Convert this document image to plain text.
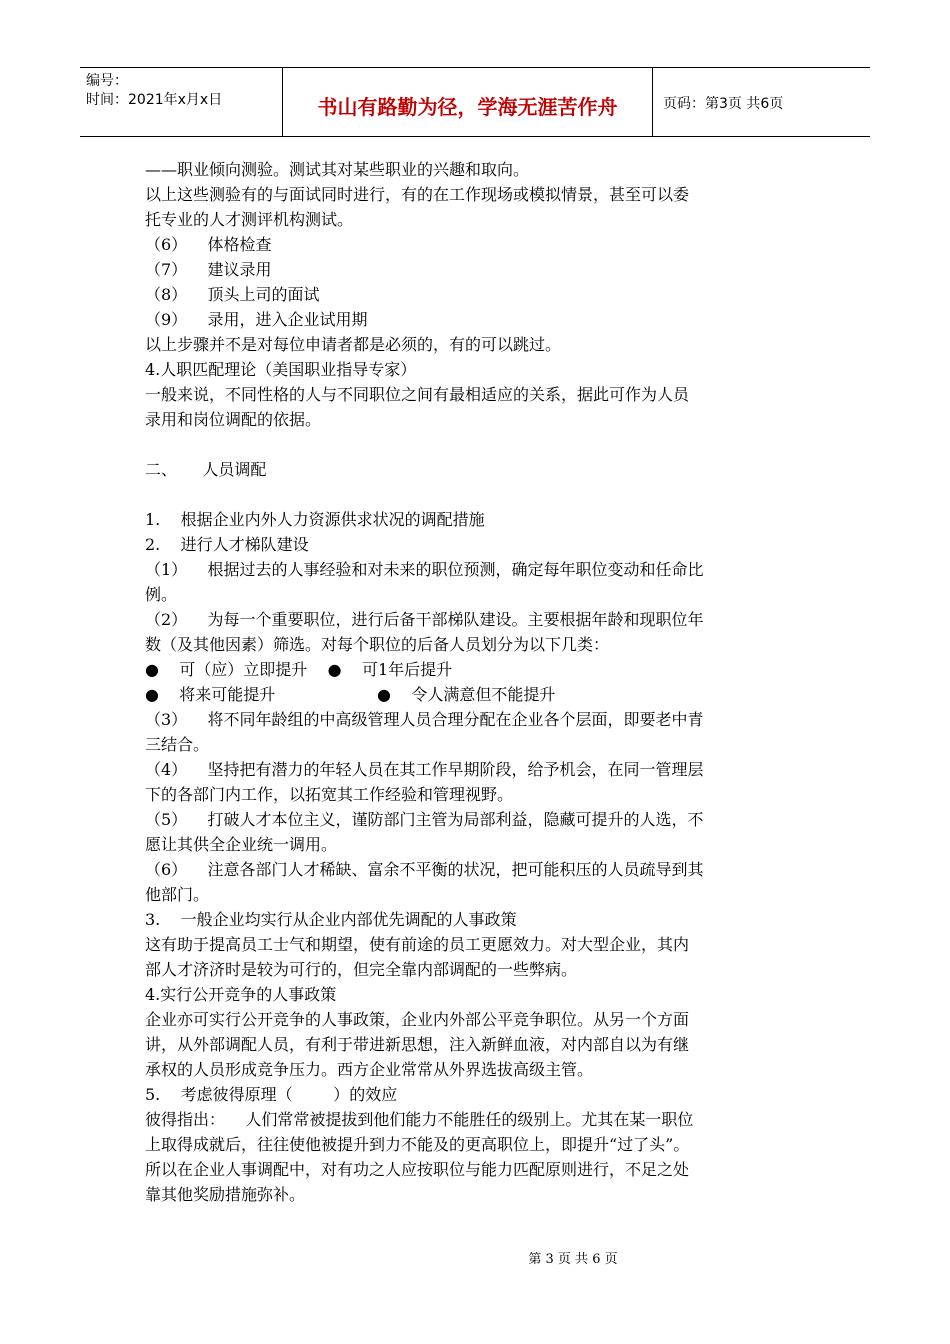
编号：
时间：2021年x月x日	书山有路勤为径，学海无涯苦作舟	页码：第3页 共6页

——职业倾向测验。测试其对某些职业的兴趣和取向。

以上这些测验有的与面试同时进行，有的在工作现场或模拟情景，甚至可以委

托专业的人才测评机构测试。

（6）    体格检查

（7）    建议录用

（8）    顶头上司的面试

（9）    录用，进入企业试用期

以上步骤并不是对每位申请者都是必须的，有的可以跳过。

4.人职匹配理论（美国职业指导专家）

一般来说，不同性格的人与不同职位之间有最相适应的关系，据此可作为人员

录用和岗位调配的依据。

二、     人员调配

1.    根据企业内外人力资源供求状况的调配措施

2.    进行人才梯队建设

（1）    根据过去的人事经验和对未来的职位预测，确定每年职位变动和任命比

例。

（2）    为每一个重要职位，进行后备干部梯队建设。主要根据年龄和现职位年

数（及其他因素）筛选。对每个职位的后备人员划分为以下几类：

●    可（应）立即提升    ●    可1年后提升

●    将来可能提升                    ●    令人满意但不能提升

（3）    将不同年龄组的中高级管理人员合理分配在企业各个层面，即要老中青

三结合。

（4）    坚持把有潜力的年轻人员在其工作早期阶段，给予机会，在同一管理层

下的各部门内工作，以拓宽其工作经验和管理视野。

（5）    打破人才本位主义，谨防部门主管为局部利益，隐藏可提升的人选，不

愿让其供全企业统一调用。

（6）    注意各部门人才稀缺、富余不平衡的状况，把可能积压的人员疏导到其

他部门。

3.    一般企业均实行从企业内部优先调配的人事政策

这有助于提高员工士气和期望，使有前途的员工更愿效力。对大型企业，其内

部人才济济时是较为可行的，但完全靠内部调配的一些弊病。

4.实行公开竞争的人事政策

企业亦可实行公开竞争的人事政策，企业内外部公平竞争职位。从另一个方面

讲，从外部调配人员，有利于带进新思想，注入新鲜血液，对内部自以为有继

承权的人员形成竞争压力。西方企业常常从外界选拔高级主管。

5.    考虑彼得原理（        ）的效应

彼得指出：    人们常常被提拔到他们能力不能胜任的级别上。尤其在某一职位

上取得成就后，往往使他被提升到力不能及的更高职位上，即提升“过了头”。

所以在企业人事调配中，对有功之人应按职位与能力匹配原则进行，不足之处

靠其他奖励措施弥补。

第 3 页 共 6 页
